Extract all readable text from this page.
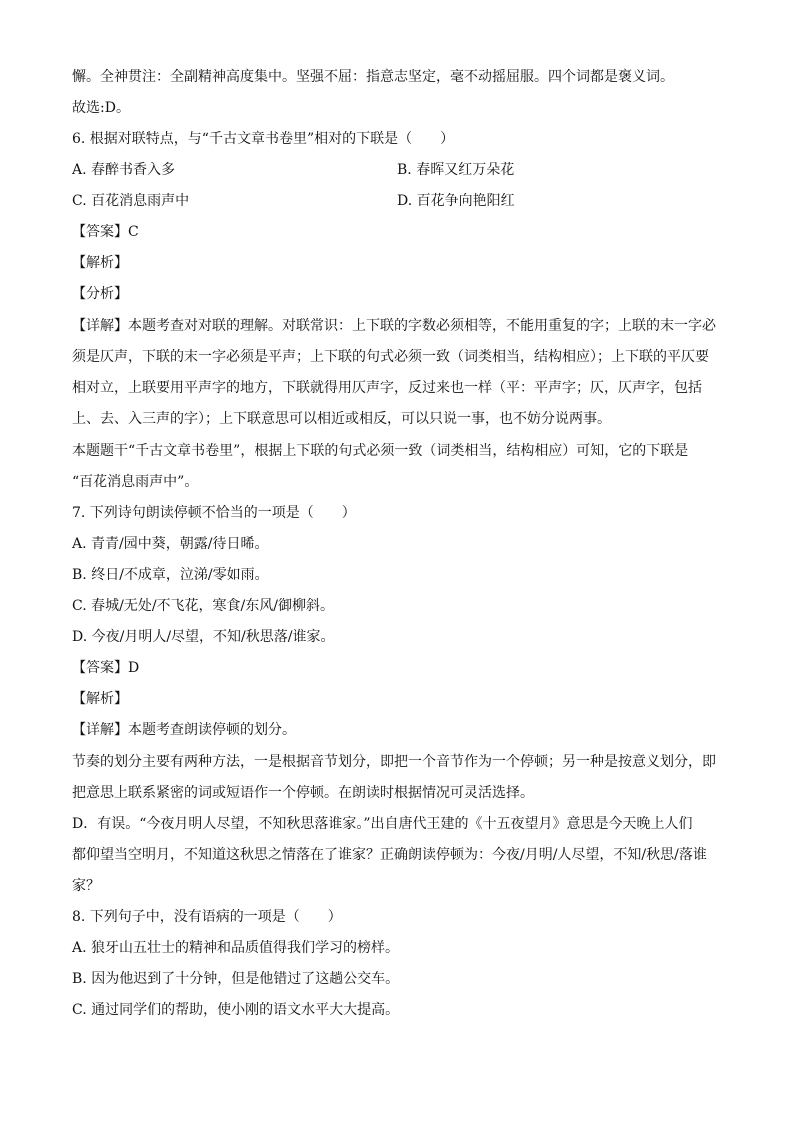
懈。全神贯注：全副精神高度集中。坚强不屈：指意志坚定，毫不动摇屈服。四个词都是褒义词。
故选:D。
6. 根据对联特点，与“千古文章书卷里”相对的下联是（　　）
A. 春醉书香入多	B. 春晖又红万朵花
C. 百花消息雨声中	D. 百花争向艳阳红
【答案】C
【解析】
【分析】
【详解】本题考查对对联的理解。对联常识：上下联的字数必须相等，不能用重复的字；上联的末一字必
须是仄声，下联的末一字必须是平声；上下联的句式必须一致（词类相当，结构相应）；上下联的平仄要
相对立，上联要用平声字的地方，下联就得用仄声字，反过来也一样（平：平声字；仄，仄声字，包括
上、去、入三声的字）；上下联意思可以相近或相反，可以只说一事，也不妨分说两事。
本题题干“千古文章书卷里”，根据上下联的句式必须一致（词类相当，结构相应）可知，它的下联是
“百花消息雨声中”。
7. 下列诗句朗读停顿不恰当的一项是（　　）
A. 青青/园中葵，朝露/待日晞。
B. 终日/不成章，泣涕/零如雨。
C. 春城/无处/不飞花，寒食/东风/御柳斜。
D. 今夜/月明人/尽望，不知/秋思落/谁家。
【答案】D
【解析】
【详解】本题考查朗读停顿的划分。
节奏的划分主要有两种方法，一是根据音节划分，即把一个音节作为一个停顿；另一种是按意义划分，即
把意思上联系紧密的词或短语作一个停顿。在朗读时根据情况可灵活选择。
D．有误。“今夜月明人尽望，不知秋思落谁家。”出自唐代王建的《十五夜望月》意思是今天晚上人们
都仰望当空明月，不知道这秋思之情落在了谁家？正确朗读停顿为：今夜/月明/人尽望，不知/秋思/落谁
家？
8. 下列句子中，没有语病的一项是（　　）
A. 狼牙山五壮士的精神和品质值得我们学习的榜样。
B. 因为他迟到了十分钟，但是他错过了这趟公交车。
C. 通过同学们的帮助，使小刚的语文水平大大提高。
